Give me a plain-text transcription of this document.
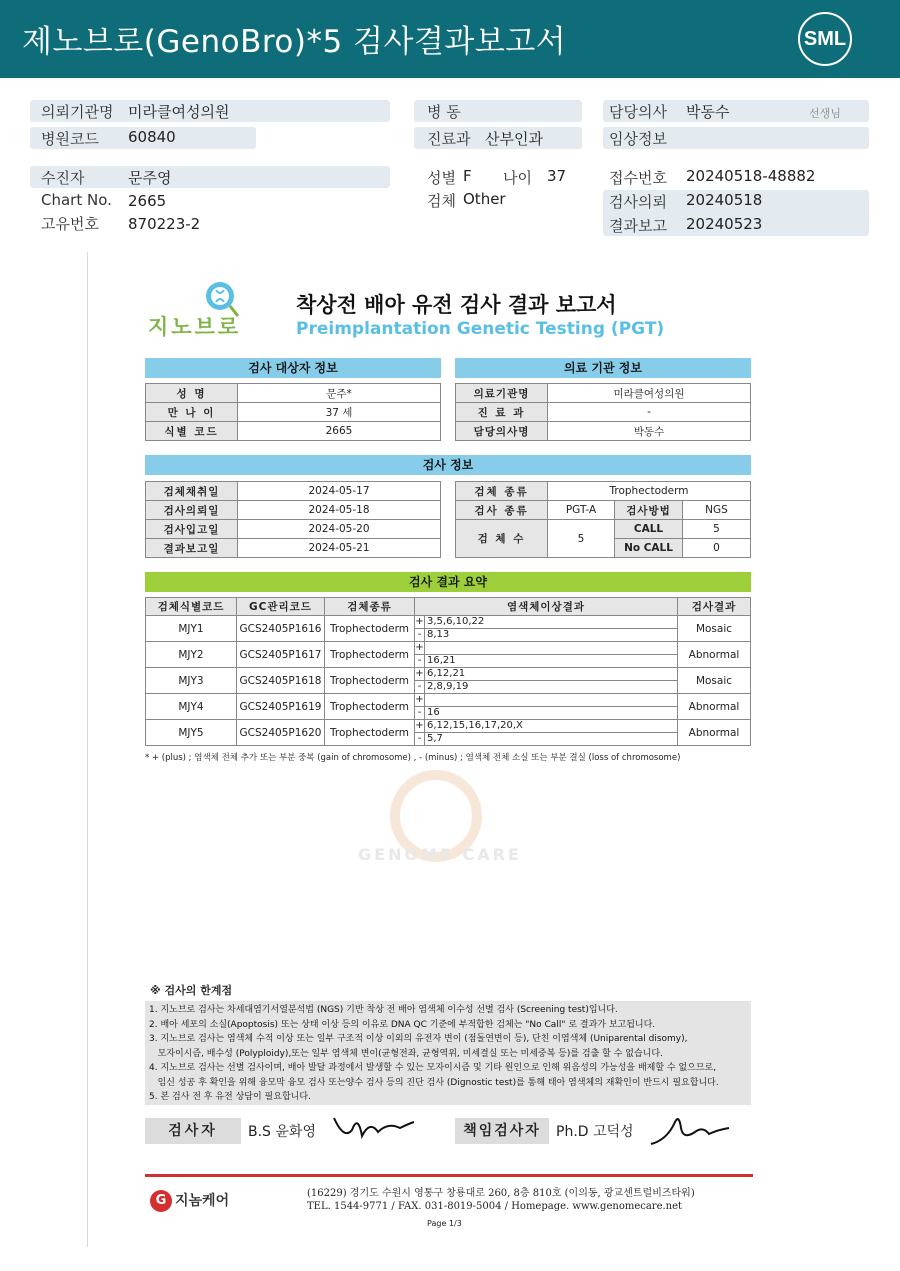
제노브로(GenoBro)*5 검사결과보고서	SML
의뢰기관명 미라클여성의원	병 동	담당의사 박동수	선생님
병원코드 60840	진료과 산부인과	임상정보
수진자	문주영	성별 F 나이 37	접수번호 20240518-48882
Chart No. 2665	검체 Other	검사의뢰 20240518
고유번호 870223-2	결과보고 20240523
지노브로
착상전 배아 유전 검사 결과 보고서
Preimplantation Genetic Testing (PGT)
검사 대상자 정보
성 명	문주*
만 나 이	37 세
식별 코드	2665
의료 기관 정보
의료기관명	미라클여성의원
진 료 과	-
담당의사명	박동수
검사 정보
검체채취일	2024-05-17
검사의뢰일	2024-05-18
검사입고일	2024-05-20
결과보고일	2024-05-21
검체 종류	Trophectoderm		
검사 종류	PGT-A	검사방법	NGS
검 체 수	5	CALL	5
		No CALL	0
검사 결과 요약
검체식별코드	GC관리코드	검체종류	염색체이상결과	검사결과
MJY1	GCS2405P1616	Trophectoderm	+ 3,5,6,10,22
- 8,13	Mosaic
MJY2	GCS2405P1617	Trophectoderm	+
- 16,21	Abnormal
MJY3	GCS2405P1618	Trophectoderm	+ 6,12,21
- 2,8,9,19	Mosaic
MJY4	GCS2405P1619	Trophectoderm	+
- 16	Abnormal
MJY5	GCS2405P1620	Trophectoderm	+ 6,12,15,16,17,20,X
- 5,7	Abnormal
* + (plus) ; 염색체 전체 추가 또는 부분 중복 (gain of chromosome) , - (minus) ; 염색체 전체 소실 또는 부분 결실 (loss of chromosome)
GENOME CARE
※ 검사의 한계점
1. 지노브로 검사는 차세대염기서열분석법 (NGS) 기반 착상 전 배아 염색체 이수성 선별 검사 (Screening test)입니다.
2. 배아 세포의 소실(Apoptosis) 또는 상태 이상 등의 이유로 DNA QC 기준에 부적합한 검체는 "No Call" 로 결과가 보고됩니다.
3. 지노브로 검사는 염색체 수적 이상 또는 일부 구조적 이상 이외의 유전자 변이 (점돌연변이 등), 단친 이염색체 (Uniparental disomy),
모자이시즘, 배수성 (Polyploidy),또는 일부 염색체 변이(균형전좌, 균형역위, 미세결실 또는 미세중복 등)를 검출 할 수 없습니다.
4. 지노브로 검사는 선별 검사이며, 배아 발달 과정에서 발생할 수 있는 모자이시즘 및 기타 원인으로 인해 위음성의 가능성을 배제할 수 없으므로,
임신 성공 후 확인을 위해 융모막 융모 검사 또는양수 검사 등의 진단 검사 (Dignostic test)를 통해 태아 염색체의 재확인이 반드시 필요합니다.
5. 본 검사 전 후 유전 상담이 필요합니다.
검사자	B.S 윤화영	책임검사자	Ph.D 고덕성
G 지놈케어	(16229) 경기도 수원시 영통구 창룡대로 260, 8층 810호 (이의동, 광교센트럴비즈타워)
TEL. 1544-9771 / FAX. 031-8019-5004 / Homepage. www.genomecare.net
Page 1/3
